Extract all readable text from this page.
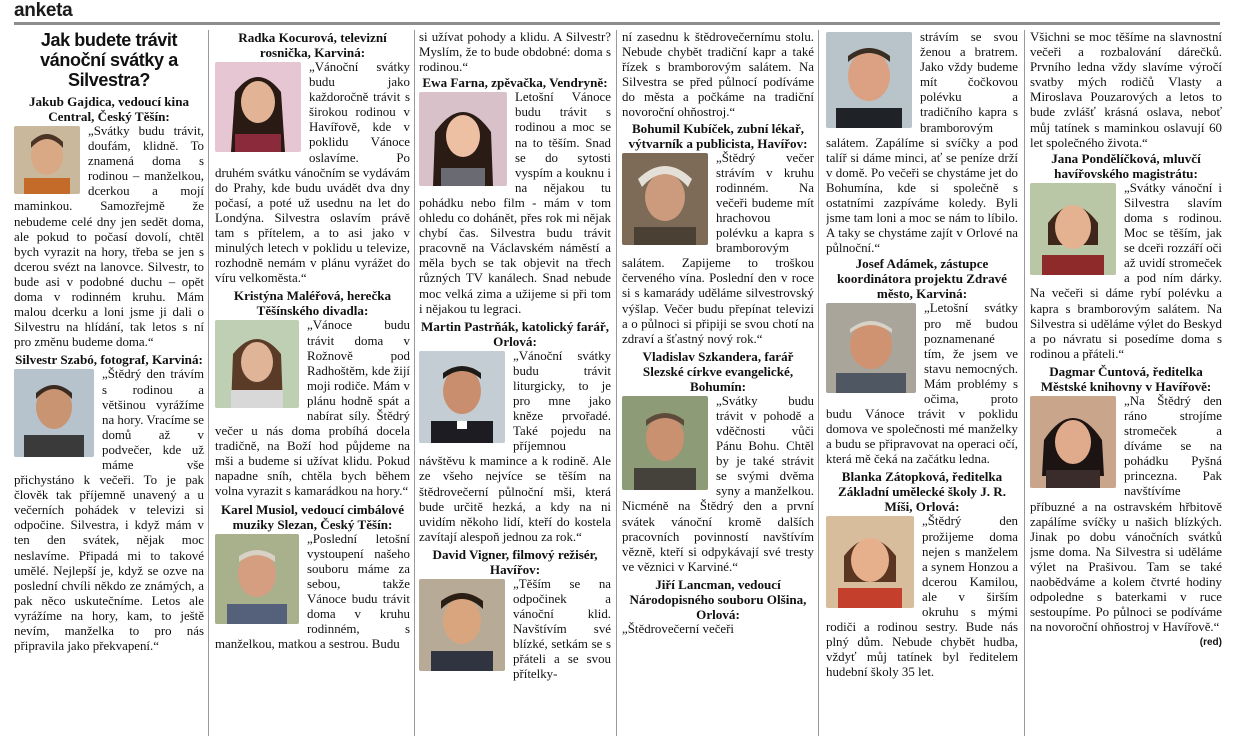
anketa
Jak budete trávit vánoční svátky a Silvestra?

Jakub Gajdica, vedoucí kina Central, Český Těšín:

„Svátky budu trávit, doufám, klidně. To znamená doma s rodinou – manželkou, dcerkou a mojí maminkou. Samozřejmě že nebudeme celé dny jen sedět doma, ale pokud to počasí dovolí, chtěl bych vyrazit na hory, třeba se jen s dcerou svézt na lanovce. Silvestr, to bude asi v podobné duchu – opět doma v rodinném kruhu. Mám malou dcerku a loni jsme ji dali o Silvestru na hlídání, tak letos s ní pro změnu budeme doma.“

Silvestr Szabó, fotograf, Karviná:

„Štědrý den trávím s rodinou a většinou vyrážíme na hory. Vracíme se domů až v podvečer, kde už máme vše přichystáno k večeři. To je pak člověk tak příjemně unavený a u večerních pohádek v televizi si odpočine. Silvestra, i když mám v ten den svátek, nějak moc neslavíme. Připadá mi to takové umělé. Nejlepší je, když se ozve na poslední chvíli někdo ze známých, a pak něco uskutečníme. Letos ale vyrážíme na hory, kam, to ještě nevím, manželka to pro nás připravila jako překvapení.“

Radka Kocurová, televizní rosnička, Karviná:

„Vánoční svátky budu jako každoročně trávit s širokou rodinou v Havířově, kde v poklidu Vánoce oslavíme. Po druhém svátku vánočním se vydávám do Prahy, kde budu uvádět dva dny počasí, a poté už usednu na let do Londýna. Silvestra oslavím právě tam s přítelem, a to asi jako v minulých letech v poklidu u televize, rozhodně nemám v plánu vyrážet do víru velkoměsta.“

Kristýna Maléřová, herečka Těšínského divadla:

„Vánoce budu trávit doma v Rožnově pod Radhoštěm, kde žijí moji rodiče. Mám v plánu hodně spát a nabírat síly. Štědrý večer u nás doma probíhá docela tradičně, na Boží hod půjdeme na mši a budeme si užívat klidu. Pokud napadne sníh, chtěla bych během volna vyrazit s kamarádkou na hory.“

Karel Musiol, vedoucí cimbálové muziky Slezan, Český Těšín:

„Poslední letošní vystoupení našeho souboru máme za sebou, takže Vánoce budu trávit doma v kruhu rodinném, s manželkou, matkou a sestrou. Budu

si užívat pohody a klidu. A Silvestr? Myslím, že to bude obdobné: doma s rodinou.“

Ewa Farna, zpěvačka, Vendryně:

Letošní Vánoce budu trávit s rodinou a moc se na to těším. Snad se do sytosti vyspím a kouknu i na nějakou tu pohádku nebo film - mám v tom ohledu co dohánět, přes rok mi nějak chybí čas. Silvestra budu trávit pracovně na Václavském náměstí a měla bych se tak objevit na třech různých TV kanálech. Snad nebude moc velká zima a užijeme si při tom i nějakou tu legraci.

Martin Pastrňák, katolický farář, Orlová:

„Vánoční svátky budu trávit liturgicky, to je pro mne jako kněze prvořadé. Také pojedu na příjemnou návštěvu k mamince a k rodině. Ale ze všeho nejvíce se těším na štědrovečerní půlnoční mši, která bude určitě hezká, a kdy na ni uvidím někoho lidí, kteří do kostela zavítají alespoň jednou za rok.“

David Vigner, filmový režisér, Havířov:

„Těším se na odpočinek a vánoční klid. Navštívím své blízké, setkám se s přáteli a se svou přítelky-

ní zasednu k štědrovečernímu stolu. Nebude chybět tradiční kapr a také řízek s bramborovým salátem. Na Silvestra se před půlnocí podíváme do města a počkáme na tradiční novoroční ohňostroj.“

Bohumil Kubíček, zubní lékař, výtvarník a publicista, Havířov:

„Štědrý večer strávím v kruhu rodinném. Na večeři budeme mít hrachovou polévku a kapra s bramborovým salátem. Zapijeme to troškou červeného vína. Poslední den v roce si s kamarády uděláme silvestrovský výšlap. Večer budu přepínat televizi a o půlnoci si připiji se svou chotí na zdraví a šťastný nový rok.“

Vladislav Szkandera, farář Slezské církve evangelické, Bohumín:

„Svátky budu trávit v pohodě a vděčnosti vůči Pánu Bohu. Chtěl by je také strávit se svými dvěma syny a manželkou. Nicméně na Štědrý den a první svátek vánoční kromě dalších pracovních povinností navštívím vězně, kteří si odpykávají své tresty ve věznici v Karviné.“

Jiří Lancman, vedoucí Národopisného souboru Olšina, Orlová:

„Štědrovečerní večeři

strávím se svou ženou a bratrem. Jako vždy budeme mít čočkovou polévku a tradičního kapra s bramborovým salátem. Zapálíme si svíčky a pod talíř si dáme minci, ať se peníze drží v domě. Po večeři se chystáme jet do Bohumína, kde si společně s ostatními zazpíváme koledy. Byli jsme tam loni a moc se nám to líbilo. A taky se chystáme zajít v Orlové na půlnoční.“

Josef Adámek, zástupce koordinátora projektu Zdravé město, Karviná:

„Letošní svátky pro mě budou poznamenané tím, že jsem ve stavu nemocných. Mám problémy s očima, proto budu Vánoce trávit v poklidu domova ve společnosti mé manželky a budu se připravovat na operaci očí, která mě čeká na začátku ledna.

Blanka Zátopková, ředitelka Základní umělecké školy J. R. Míši, Orlová:

„Štědrý den prožijeme doma nejen s manželem a synem Honzou a dcerou Kamilou, ale v širším okruhu s mými rodiči a rodinou sestry. Bude nás plný dům. Nebude chybět hudba, vždyť můj tatínek byl ředitelem hudební školy 35 let.

Všichni se moc těšíme na slavnostní večeři a rozbalování dárečků. Prvního ledna vždy slavíme výročí svatby mých rodičů Vlasty a Miroslava Pouzarových a letos to bude zvlášť krásná oslava, neboť můj tatínek s maminkou oslavují 60 let společného života.“

Jana Pondělíčková, mluvčí havířovského magistrátu:

„Svátky vánoční i Silvestra slavím doma s rodinou. Moc se těším, jak se dceři rozzáří oči až uvidí stromeček a pod ním dárky. Na večeři si dáme rybí polévku a kapra s bramborovým salátem. Na Silvestra si uděláme výlet do Beskyd a po návratu si posedíme doma s rodinou a přáteli.“

Dagmar Čuntová, ředitelka Městské knihovny v Havířově:

„Na Štědrý den ráno strojíme stromeček a díváme se na pohádku Pyšná princezna. Pak navštívíme příbuzné a na ostravském hřbitově zapálíme svíčky u našich blízkých. Jinak po dobu vánočních svátků jsme doma. Na Silvestra si uděláme výlet na Prašivou. Tam se také naobědváme a kolem čtvrté hodiny odpoledne s baterkami v ruce sestoupíme. Po půlnoci se podíváme na novoroční ohňostroj v Havířově.“

(red)
